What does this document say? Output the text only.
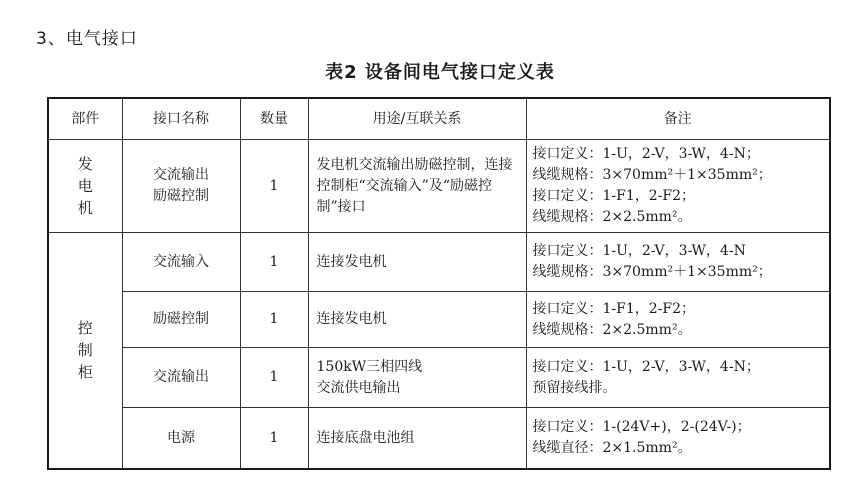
3、电气接口
表2 设备间电气接口定义表
部件	接口名称	数量	用途/互联关系	备注
发电机	交流输出
励磁控制	1	发电机交流输出励磁控制，连接控制柜“交流输入”及“励磁控制”接口	接口定义：1-U，2-V，3-W，4-N；
线缆规格：3×70mm²＋1×35mm²；
接口定义：1-F1，2-F2；
线缆规格：2×2.5mm²。

控制柜	交流输入	1	连接发电机	接口定义：1-U，2-V，3-W，4-N
线缆规格：3×70mm²＋1×35mm²；

	励磁控制	1	连接发电机	接口定义：1-F1，2-F2；
线缆规格：2×2.5mm²。

	交流输出	1	150kW三相四线
交流供电输出	接口定义：1-U，2-V，3-W，4-N；
预留接线排。

	电源	1	连接底盘电池组	接口定义：1-(24V+)，2-(24V-)；
线缆直径：2×1.5mm²。
